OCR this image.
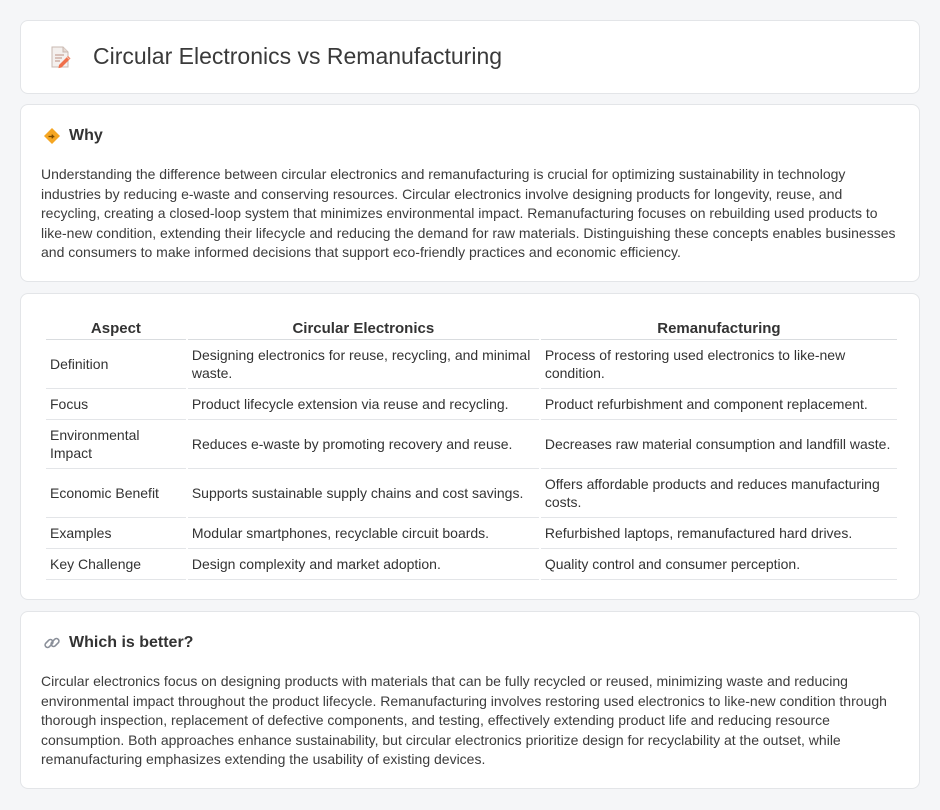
Circular Electronics vs Remanufacturing
Why

Understanding the difference between circular electronics and remanufacturing is crucial for optimizing sustainability in technology industries by reducing e-waste and conserving resources. Circular electronics involve designing products for longevity, reuse, and recycling, creating a closed-loop system that minimizes environmental impact. Remanufacturing focuses on rebuilding used products to like-new condition, extending their lifecycle and reducing the demand for raw materials. Distinguishing these concepts enables businesses and consumers to make informed decisions that support eco-friendly practices and economic efficiency.

Aspect	Circular Electronics	Remanufacturing
Definition	Designing electronics for reuse, recycling, and minimal waste.	Process of restoring used electronics to like-new condition.
Focus	Product lifecycle extension via reuse and recycling.	Product refurbishment and component replacement.
Environmental Impact	Reduces e-waste by promoting recovery and reuse.	Decreases raw material consumption and landfill waste.
Economic Benefit	Supports sustainable supply chains and cost savings.	Offers affordable products and reduces manufacturing costs.
Examples	Modular smartphones, recyclable circuit boards.	Refurbished laptops, remanufactured hard drives.
Key Challenge	Design complexity and market adoption.	Quality control and consumer perception.
Which is better?

Circular electronics focus on designing products with materials that can be fully recycled or reused, minimizing waste and reducing environmental impact throughout the product lifecycle. Remanufacturing involves restoring used electronics to like-new condition through thorough inspection, replacement of defective components, and testing, effectively extending product life and reducing resource consumption. Both approaches enhance sustainability, but circular electronics prioritize design for recyclability at the outset, while remanufacturing emphasizes extending the usability of existing devices.
